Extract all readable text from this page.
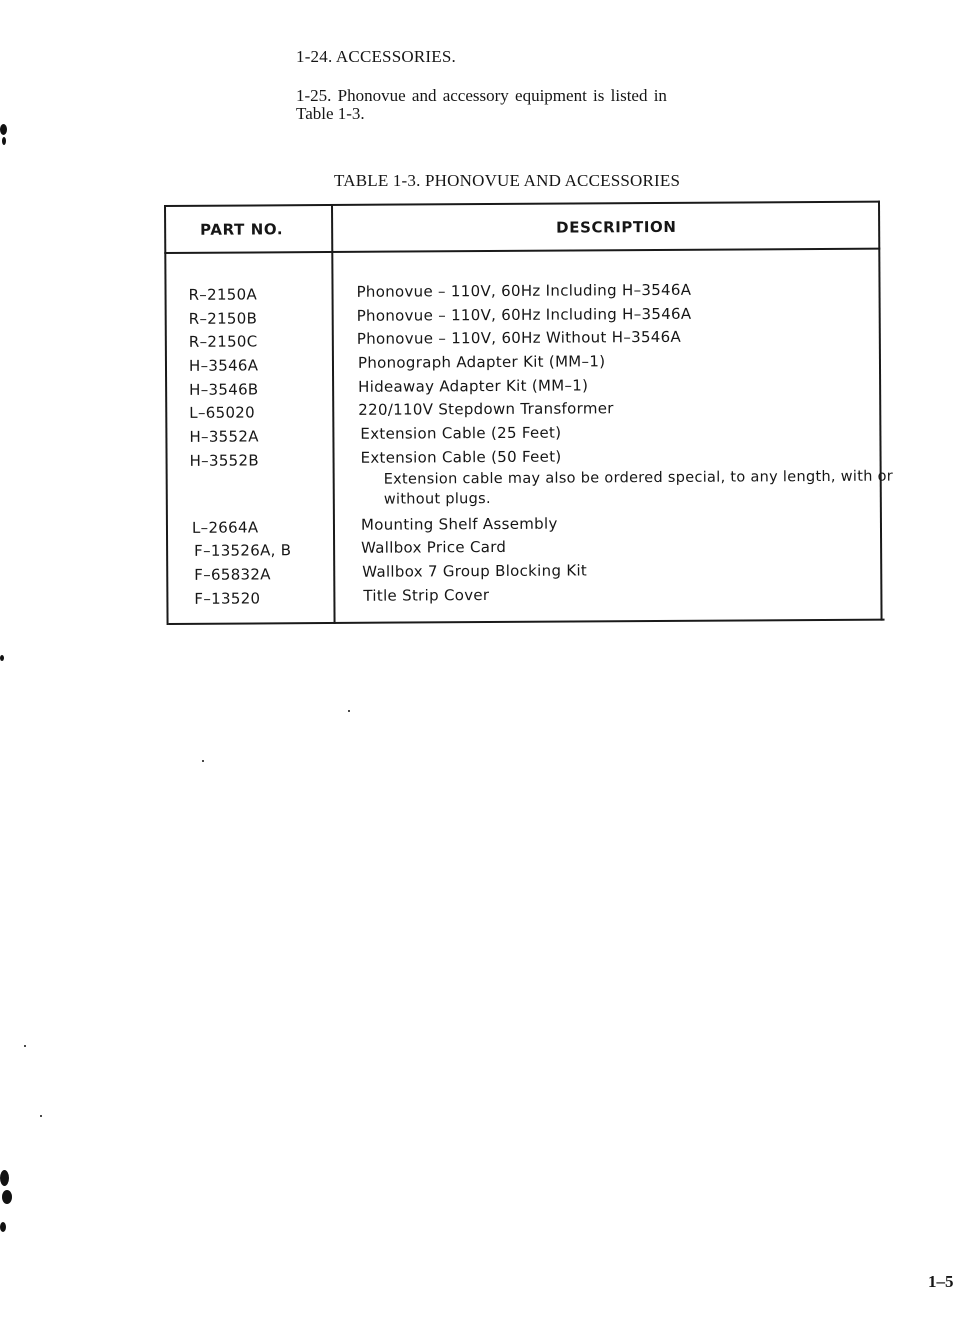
1-24. ACCESSORIES.
1-25. Phonovue and accessory equipment is listed in
Table 1-3.
TABLE 1-3. PHONOVUE AND ACCESSORIES
PART NO.	DESCRIPTION
R–2150A	Phonovue – 110V, 60Hz Including H–3546A
R–2150B	Phonovue – 110V, 60Hz Including H–3546A
R–2150C	Phonovue – 110V, 60Hz Without H–3546A
H–3546A	Phonograph Adapter Kit (MM–1)
H–3546B	Hideaway Adapter Kit (MM–1)
L–65020	220/110V Stepdown Transformer
H–3552A	Extension Cable (25 Feet)
H–3552B	Extension Cable (50 Feet)
Extension cable may also be ordered special, to any length, with or
without plugs.
L–2664A	Mounting Shelf Assembly
F–13526A, B	Wallbox Price Card
F–65832A	Wallbox 7 Group Blocking Kit
F–13520	Title Strip Cover
1–5
